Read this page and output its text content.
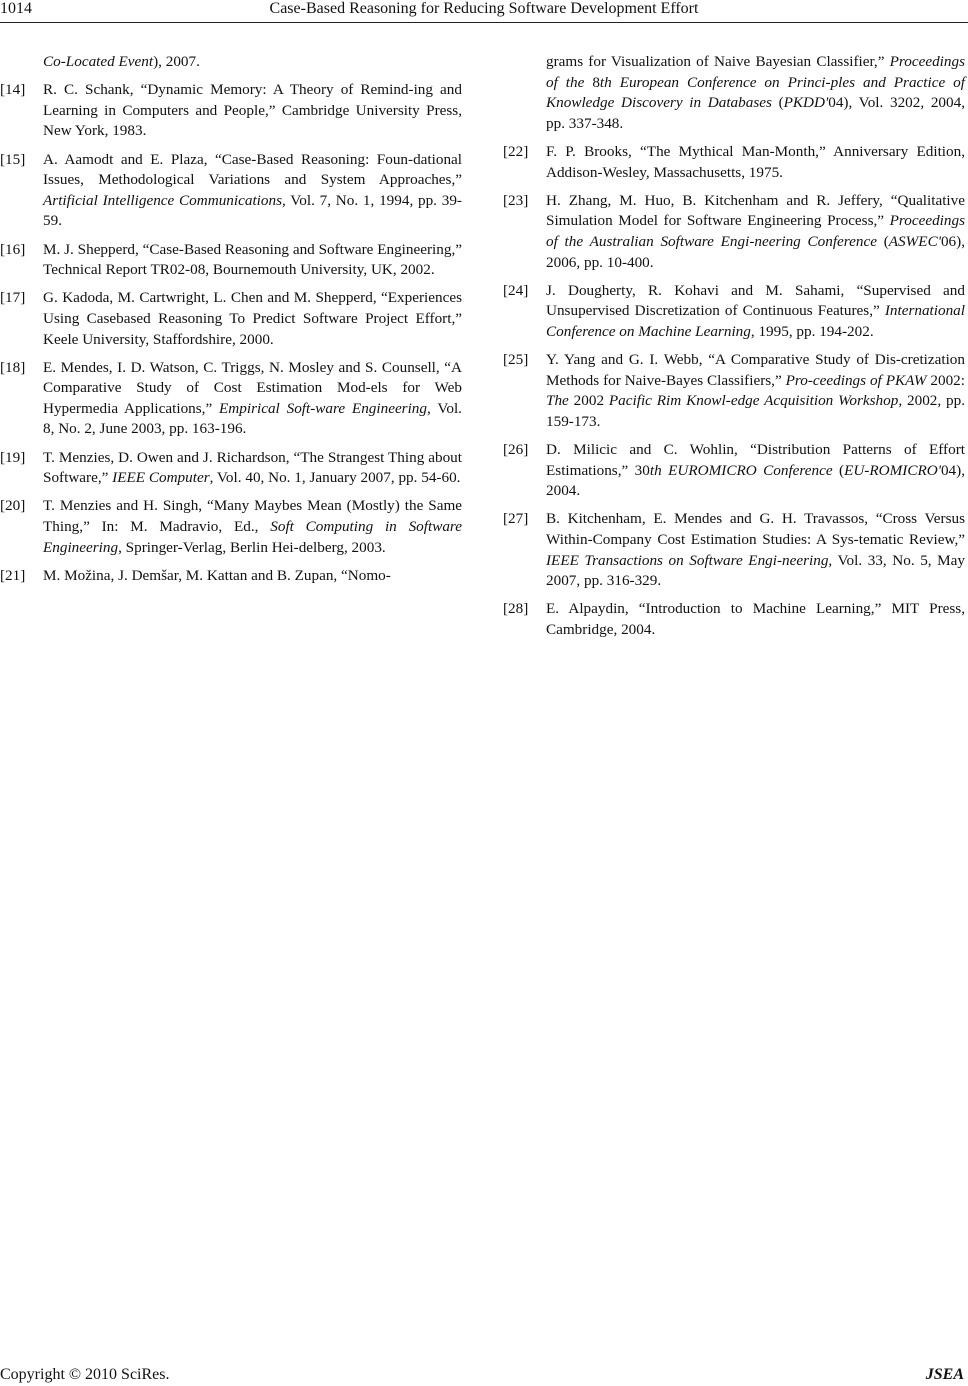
1014	Case-Based Reasoning for Reducing Software Development Effort

Co-Located Event), 2007.

[14] R. C. Schank, “Dynamic Memory: A Theory of Remind-ing and Learning in Computers and People,” Cambridge University Press, New York, 1983.

[15] A. Aamodt and E. Plaza, “Case-Based Reasoning: Foun-dational Issues, Methodological Variations and System Approaches,” Artificial Intelligence Communications, Vol. 7, No. 1, 1994, pp. 39-59.

[16] M. J. Shepperd, “Case-Based Reasoning and Software Engineering,” Technical Report TR02-08, Bournemouth University, UK, 2002.

[17] G. Kadoda, M. Cartwright, L. Chen and M. Shepperd, “Experiences Using Casebased Reasoning To Predict Software Project Effort,” Keele University, Staffordshire, 2000.

[18] E. Mendes, I. D. Watson, C. Triggs, N. Mosley and S. Counsell, “A Comparative Study of Cost Estimation Mod-els for Web Hypermedia Applications,” Empirical Soft-ware Engineering, Vol. 8, No. 2, June 2003, pp. 163-196.

[19] T. Menzies, D. Owen and J. Richardson, “The Strangest Thing about Software,” IEEE Computer, Vol. 40, No. 1, January 2007, pp. 54-60.

[20] T. Menzies and H. Singh, “Many Maybes Mean (Mostly) the Same Thing,” In: M. Madravio, Ed., Soft Computing in Software Engineering, Springer-Verlag, Berlin Hei-delberg, 2003.

[21] M. Možina, J. Demšar, M. Kattan and B. Zupan, “Nomo-

grams for Visualization of Naive Bayesian Classifier,” Proceedings of the 8th European Conference on Princi-ples and Practice of Knowledge Discovery in Databases (PKDD'04), Vol. 3202, 2004, pp. 337-348.

[22] F. P. Brooks, “The Mythical Man-Month,” Anniversary Edition, Addison-Wesley, Massachusetts, 1975.

[23] H. Zhang, M. Huo, B. Kitchenham and R. Jeffery, “Qualitative Simulation Model for Software Engineering Process,” Proceedings of the Australian Software Engi-neering Conference (ASWEC'06), 2006, pp. 10-400.

[24] J. Dougherty, R. Kohavi and M. Sahami, “Supervised and Unsupervised Discretization of Continuous Features,” International Conference on Machine Learning, 1995, pp. 194-202.

[25] Y. Yang and G. I. Webb, “A Comparative Study of Dis-cretization Methods for Naive-Bayes Classifiers,” Pro-ceedings of PKAW 2002: The 2002 Pacific Rim Knowl-edge Acquisition Workshop, 2002, pp. 159-173.

[26] D. Milicic and C. Wohlin, “Distribution Patterns of Effort Estimations,” 30th EUROMICRO Conference (EU-ROMICRO'04), 2004.

[27] B. Kitchenham, E. Mendes and G. H. Travassos, “Cross Versus Within-Company Cost Estimation Studies: A Sys-tematic Review,” IEEE Transactions on Software Engi-neering, Vol. 33, No. 5, May 2007, pp. 316-329.

[28] E. Alpaydin, “Introduction to Machine Learning,” MIT Press, Cambridge, 2004.

Copyright © 2010 SciRes.	JSEA
